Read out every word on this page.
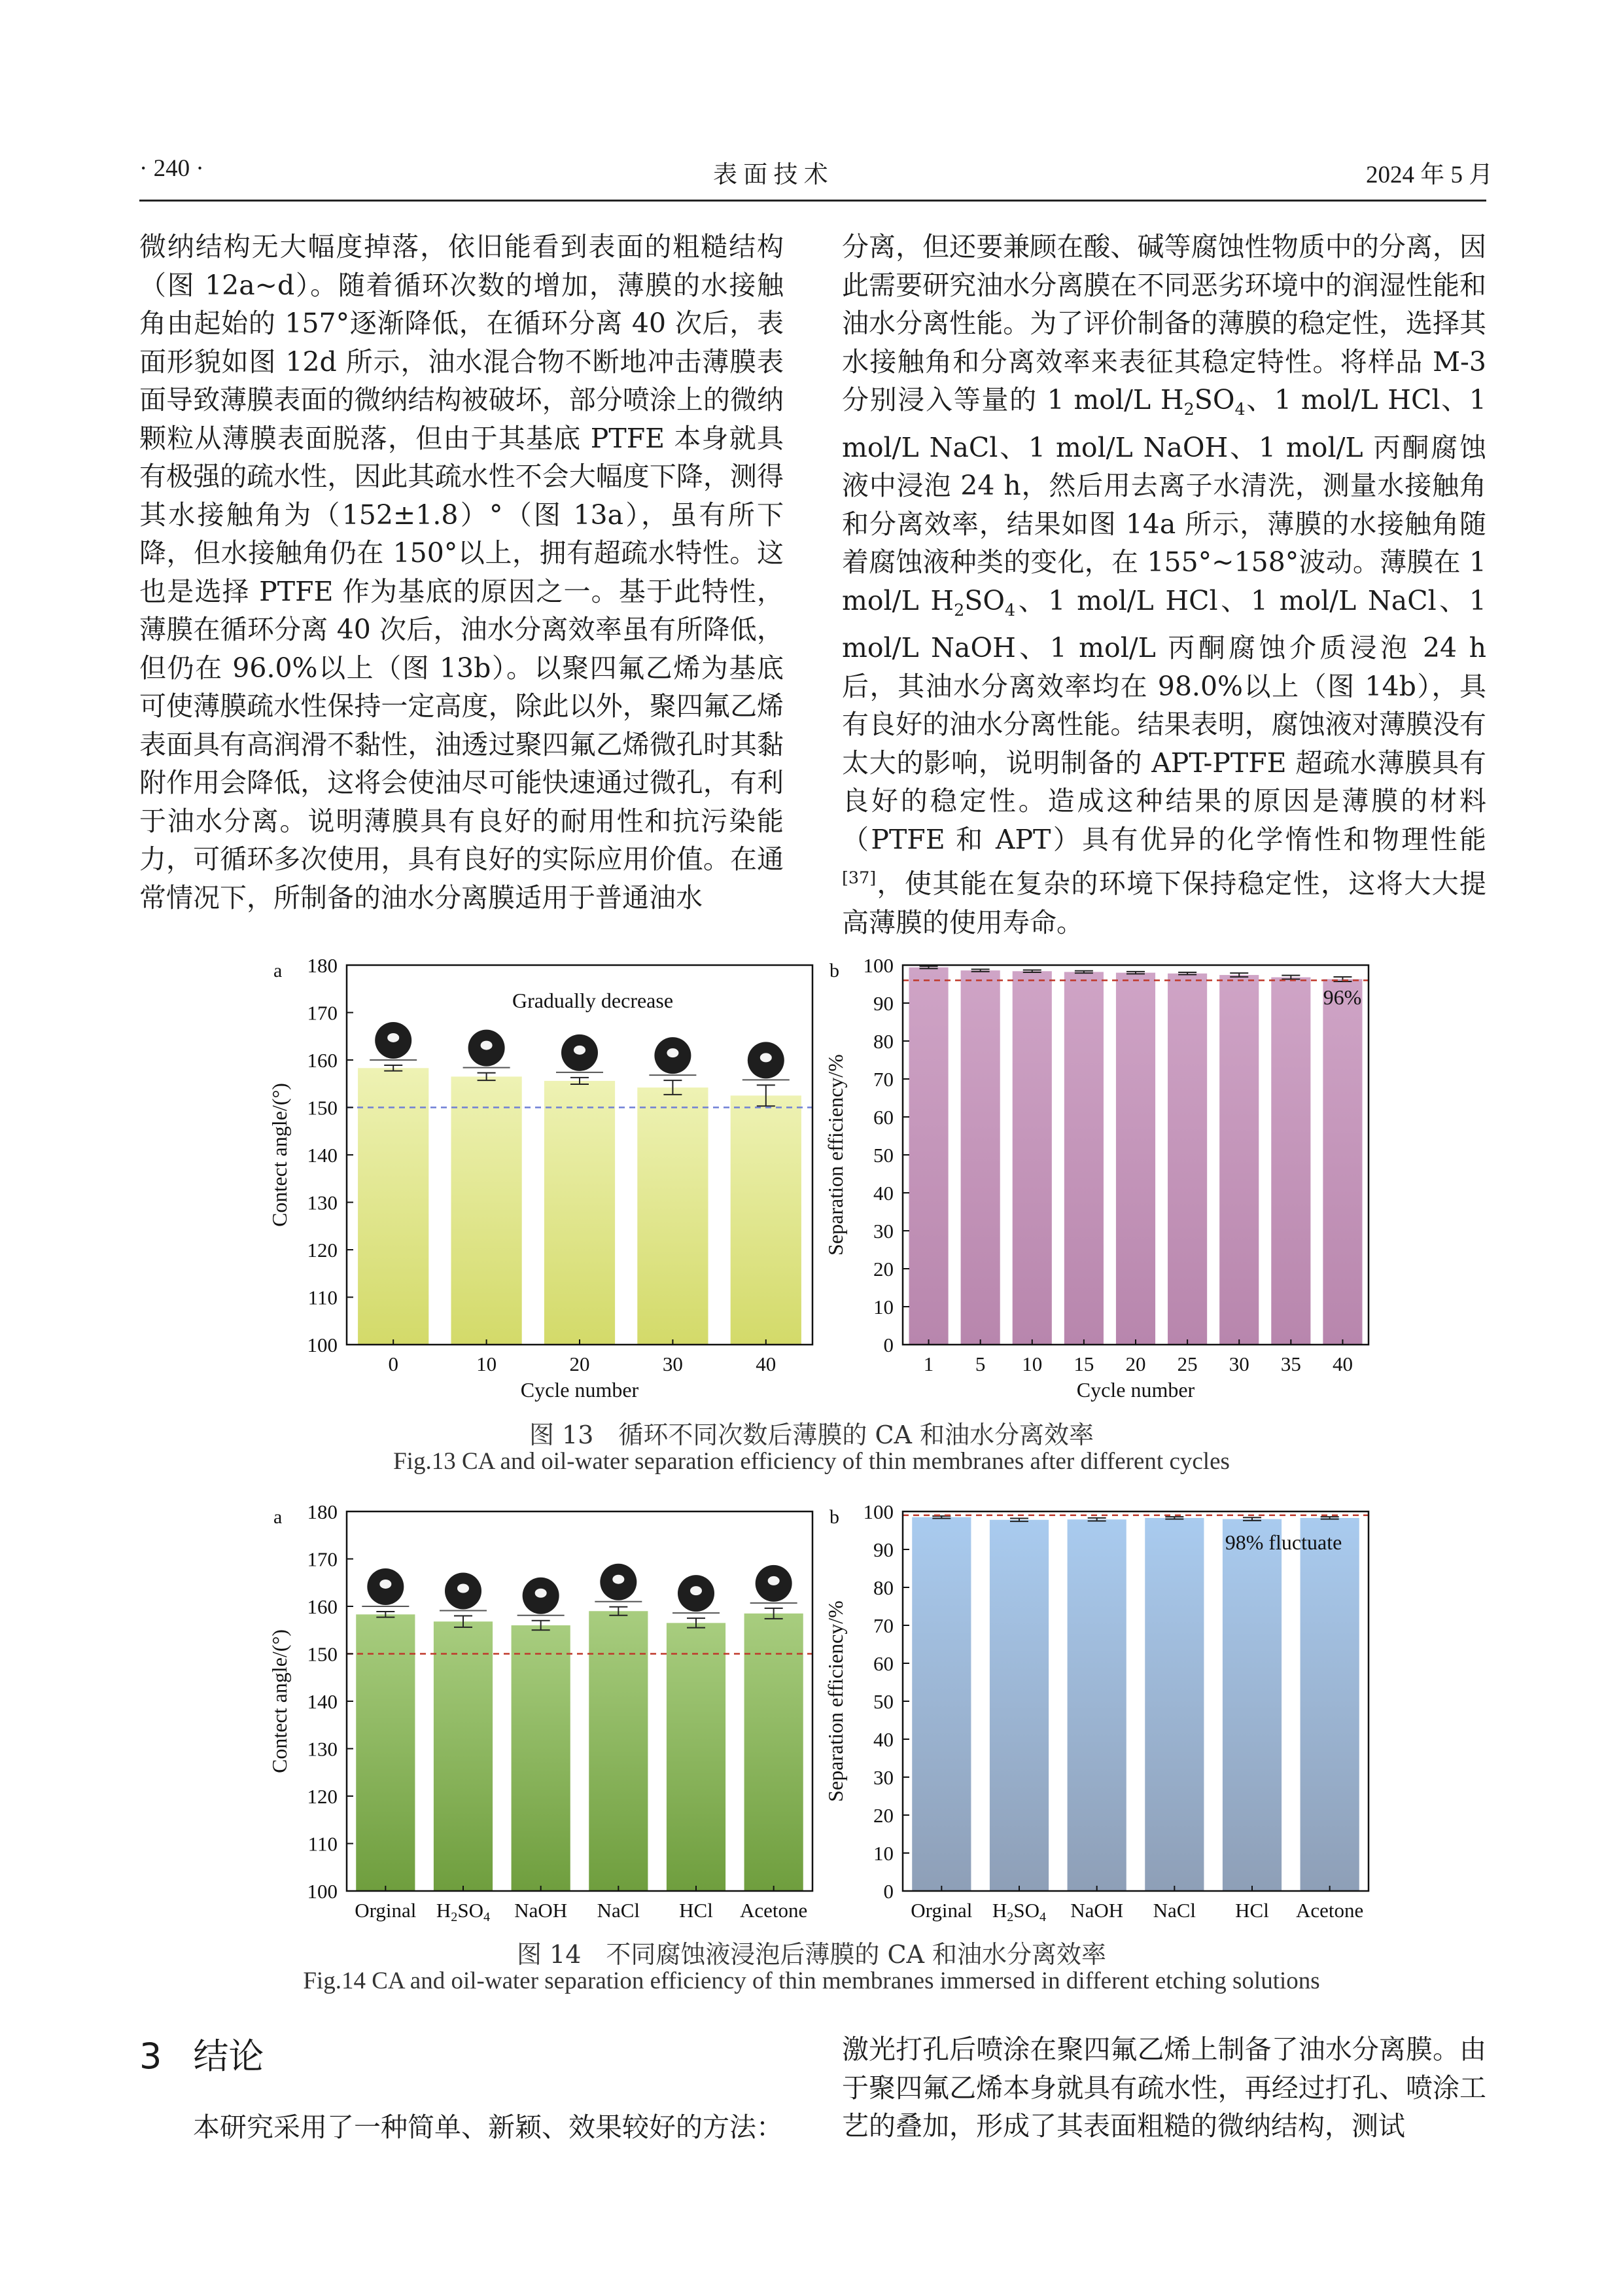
· 240 ·	表 面 技 术	2024 年 5 月

微纳结构无大幅度掉落，依旧能看到表面的粗糙结构（图 12a~d）。随着循环次数的增加，薄膜的水接触角由起始的 157°逐渐降低，在循环分离 40 次后，表面形貌如图 12d 所示，油水混合物不断地冲击薄膜表面导致薄膜表面的微纳结构被破坏，部分喷涂上的微纳颗粒从薄膜表面脱落，但由于其基底 PTFE 本身就具有极强的疏水性，因此其疏水性不会大幅度下降，测得其水接触角为（152±1.8）°（图 13a），虽有所下降，但水接触角仍在 150°以上，拥有超疏水特性。这也是选择 PTFE 作为基底的原因之一。基于此特性，薄膜在循环分离 40 次后，油水分离效率虽有所降低，但仍在 96.0%以上（图 13b）。以聚四氟乙烯为基底可使薄膜疏水性保持一定高度，除此以外，聚四氟乙烯表面具有高润滑不黏性，油透过聚四氟乙烯微孔时其黏附作用会降低，这将会使油尽可能快速通过微孔，有利于油水分离。说明薄膜具有良好的耐用性和抗污染能力，可循环多次使用，具有良好的实际应用价值。在通常情况下，所制备的油水分离膜适用于普通油水

分离，但还要兼顾在酸、碱等腐蚀性物质中的分离，因此需要研究油水分离膜在不同恶劣环境中的润湿性能和油水分离性能。为了评价制备的薄膜的稳定性，选择其水接触角和分离效率来表征其稳定特性。将样品 M-3 分别浸入等量的 1 mol/L $H_2SO_4$、1 mol/L HCl、1 mol/L NaCl、1 mol/L NaOH、1 mol/L 丙酮腐蚀液中浸泡 24 h，然后用去离子水清洗，测量水接触角和分离效率，结果如图 14a 所示，薄膜的水接触角随着腐蚀液种类的变化，在 155°~158°波动。薄膜在 1 mol/L $H_2SO_4$、1 mol/L HCl、1 mol/L NaCl、1 mol/L NaOH、1 mol/L 丙酮腐蚀介质浸泡 24 h后，其油水分离效率均在 98.0%以上（图 14b），具有良好的油水分离性能。结果表明，腐蚀液对薄膜没有太大的影响，说明制备的 APT-PTFE 超疏水薄膜具有良好的稳定性。造成这种结果的原因是薄膜的材料（PTFE 和 APT）具有优异的化学惰性和物理性能[37]，使其能在复杂的环境下保持稳定性，这将大大提高薄膜的使用寿命。

100
110
120
130
140
150
160
170
180
0	10	20	30	40
Contect angle/(°)
Cycle number
a
Gradually decrease
0
10
20
30
40
50
60
70
80
90
100
1 5 10 15 20 25 30 35 40
Separation efficiency/%
Cycle number
b
96%
图 13　循环不同次数后薄膜的 CA 和油水分离效率
Fig.13 CA and oil-water separation efficiency of thin membranes after different cycles
100
110
120
130
140
150
160
170
180
Orginal H2SO4 NaOH NaCl HCl Acetone
Contect angle/(°)
a
0
10
20
30
40
50
60
70
80
90
100
Orginal H2SO4 NaOH NaCl HCl Acetone
Separation efficiency/%
b
98% fluctuate
图 14　不同腐蚀液浸泡后薄膜的 CA 和油水分离效率
Fig.14 CA and oil-water separation efficiency of thin membranes immersed in different etching solutions
3 结论

本研究采用了一种简单、新颖、效果较好的方法：

激光打孔后喷涂在聚四氟乙烯上制备了油水分离膜。由于聚四氟乙烯本身就具有疏水性，再经过打孔、喷涂工艺的叠加，形成了其表面粗糙的微纳结构，测试
